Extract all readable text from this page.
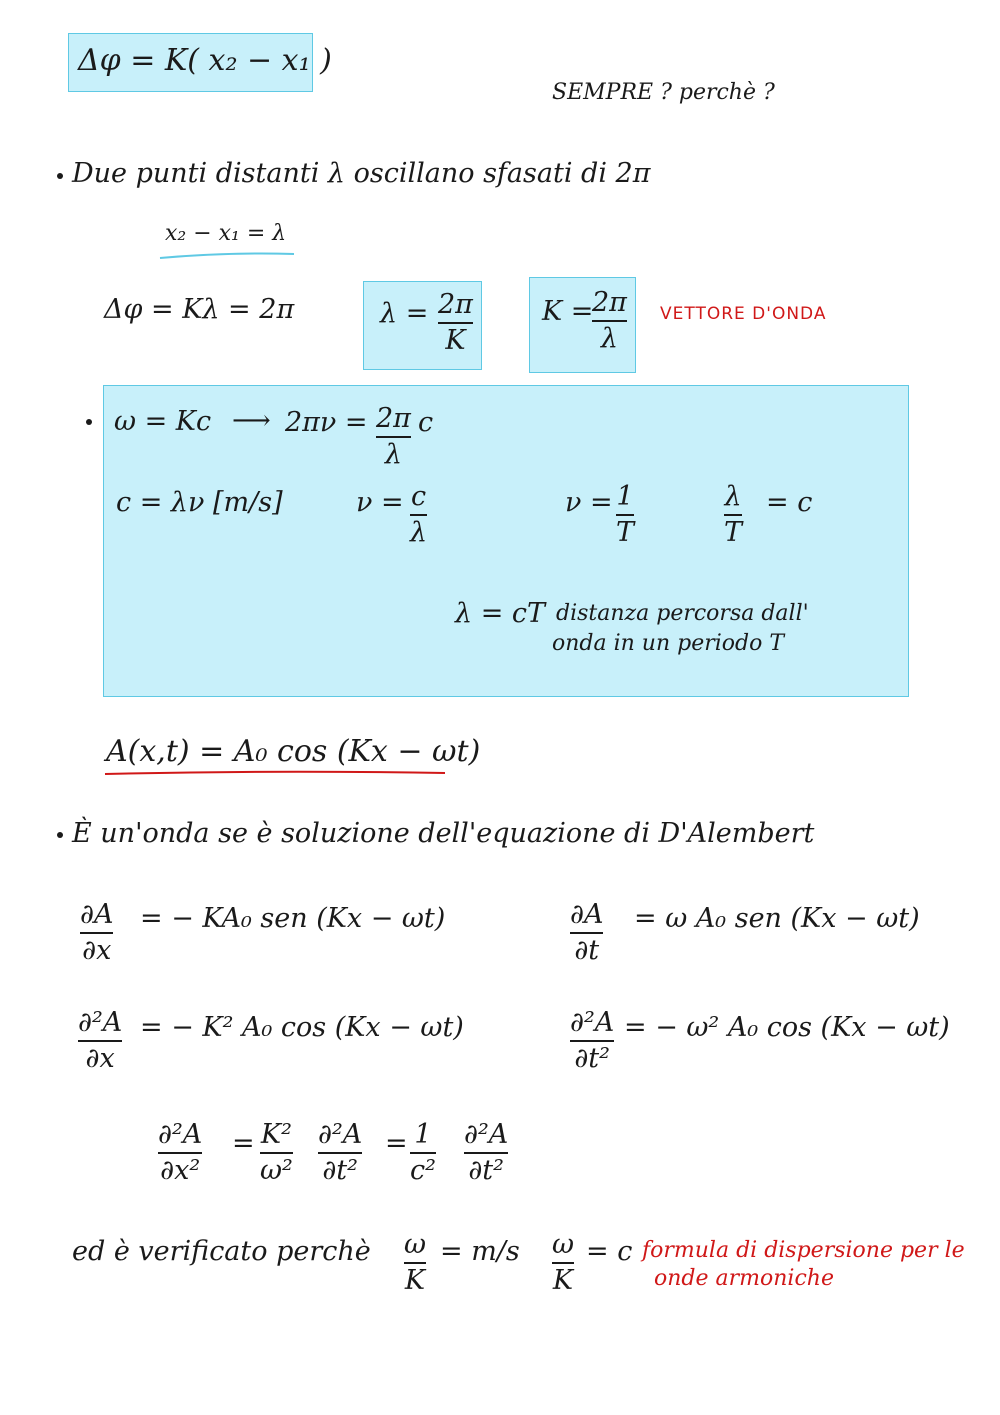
Δφ = K( x₂ − x₁ )
SEMPRE ? perchè ?
Due punti distanti λ oscillano sfasati di 2π
x₂ − x₁ = λ
Δφ = Kλ = 2π	λ = 2π
K
K =
2π
λ
VETTORE D'ONDA
ω = Kc ⟶ 2πν = 2π
λ
c
c = λν [m/s]	ν = c
λ
ν = 1
T
λ
T
= c
λ = cT distanza percorsa dall'
onda in un periodo T
A(x,t) = A₀ cos (Kx − ωt)
È un'onda se è soluzione dell'equazione di D'Alembert
∂A
∂x
= − KA₀ sen (Kx − ωt)	∂A
∂t
= ω A₀ sen (Kx − ωt)
∂²A
∂x
= − K² A₀ cos (Kx − ωt)	∂²A
∂t²
= − ω² A₀ cos (Kx − ωt)
∂²A
∂x²
= K²
ω²
∂²A
∂t²
= 1
c²
∂²A
∂t²
ed è verificato perchè ω
K
= m/s ω
K
= c formula di dispersione per le
onde armoniche
